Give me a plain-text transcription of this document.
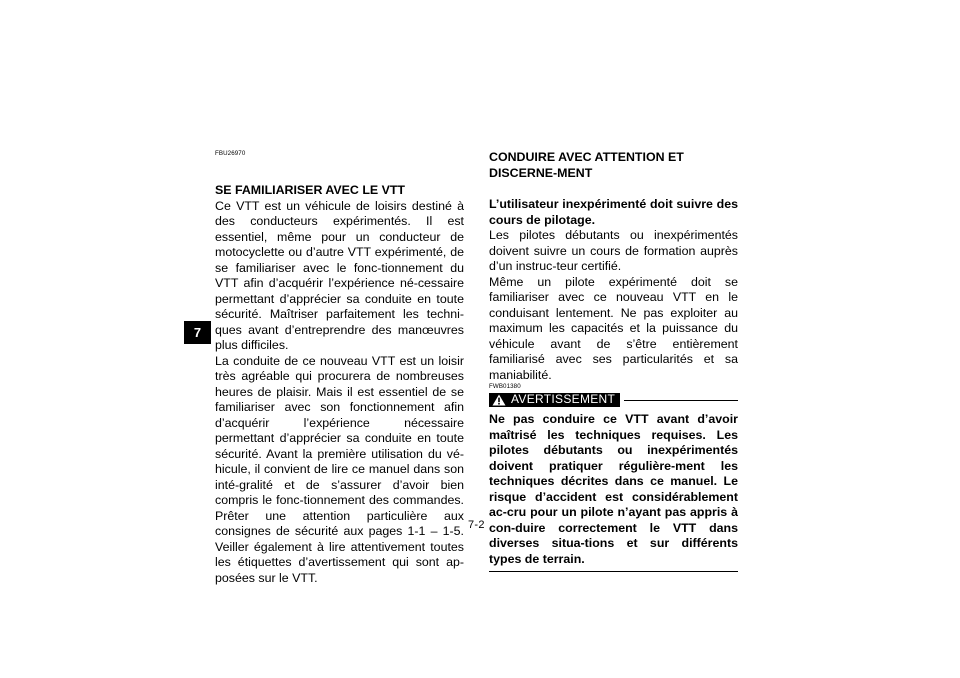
7
FBU26970
SE FAMILIARISER AVEC LE VTT

Ce VTT est un véhicule de loisirs destiné à des conducteurs expérimentés. Il est essentiel, même pour un conducteur de motocyclette ou d’autre VTT expérimenté, de se familiariser avec le fonc-tionnement du VTT afin d’acquérir l’expérience né-cessaire permettant d’apprécier sa conduite en toute sécurité. Maîtriser parfaitement les techni-ques avant d’entreprendre des manœuvres plus difficiles.

La conduite de ce nouveau VTT est un loisir très agréable qui procurera de nombreuses heures de plaisir. Mais il est essentiel de se familiariser avec son fonctionnement afin d’acquérir l’expérience nécessaire permettant d’apprécier sa conduite en toute sécurité. Avant la première utilisation du vé-hicule, il convient de lire ce manuel dans son inté-gralité et de s’assurer d’avoir bien compris le fonc-tionnement des commandes. Prêter une attention particulière aux consignes de sécurité aux pages 1-1 – 1-5. Veiller également à lire attentivement toutes les étiquettes d’avertissement qui sont ap-posées sur le VTT.

CONDUIRE AVEC ATTENTION ET DISCERNE-MENT

L’utilisateur inexpérimenté doit suivre des cours de pilotage.

Les pilotes débutants ou inexpérimentés doivent suivre un cours de formation auprès d’un instruc-teur certifié.

Même un pilote expérimenté doit se familiariser avec ce nouveau VTT en le conduisant lentement. Ne pas exploiter au maximum les capacités et la puissance du véhicule avant de s’être entièrement familiarisé avec ses particularités et sa maniabilité.

FWB01380
AVERTISSEMENT

Ne pas conduire ce VTT avant d’avoir maîtrisé les techniques requises. Les pilotes débutants ou inexpérimentés doivent pratiquer régulière-ment les techniques décrites dans ce manuel. Le risque d’accident est considérablement ac-cru pour un pilote n’ayant pas appris à con-duire correctement le VTT dans diverses situa-tions et sur différents types de terrain.

7-2
